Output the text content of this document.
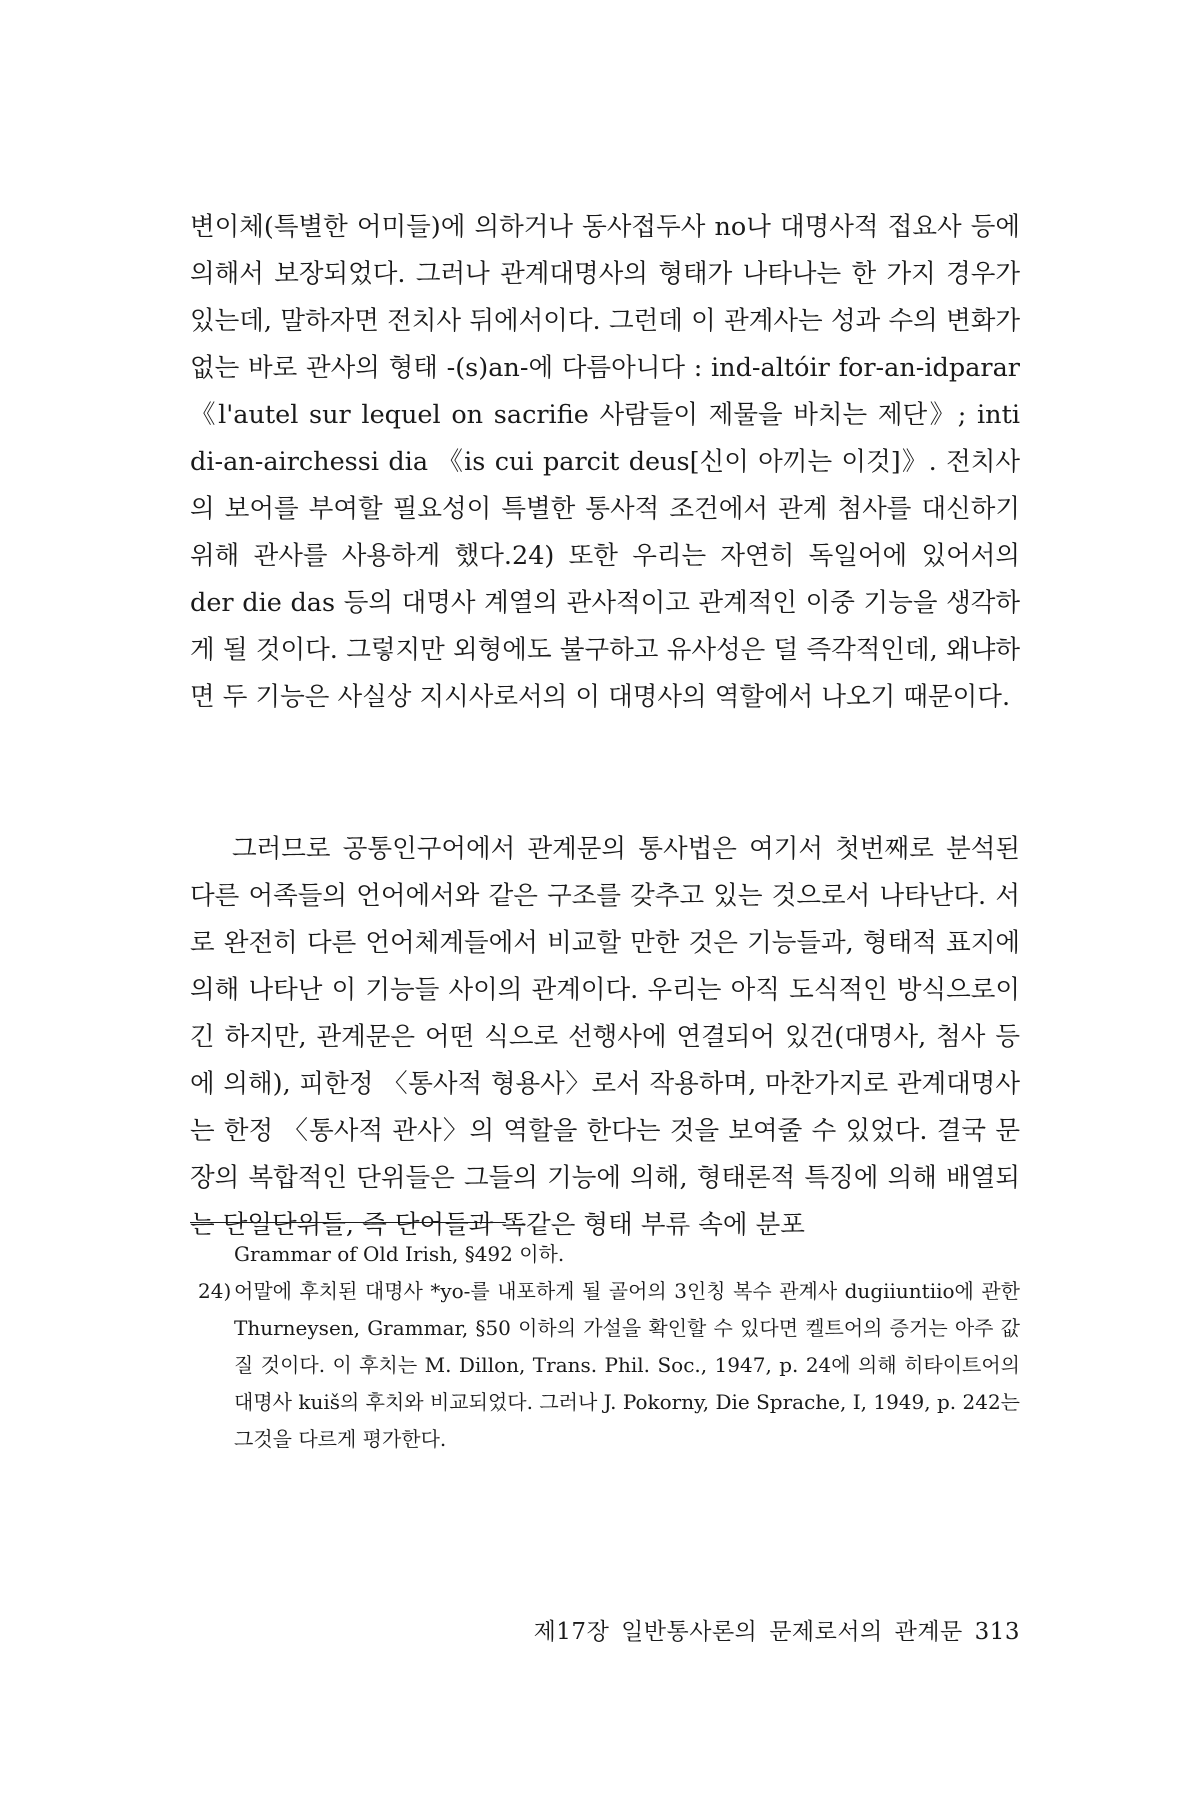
변이체(특별한 어미들)에 의하거나 동사접두사 no나 대명사적 접요사 등에 의해서 보장되었다. 그러나 관계대명사의 형태가 나타나는 한 가지 경우가 있는데, 말하자면 전치사 뒤에서이다. 그런데 이 관계사는 성과 수의 변화가 없는 바로 관사의 형태 -(s)an-에 다름아니다 : ind-altóir for-an-idparar 《l'autel sur lequel on sacrifie 사람들이 제물을 바치는 제단》; inti di-an-airchessi dia 《is cui parcit deus[신이 아끼는 이것]》. 전치사의 보어를 부여할 필요성이 특별한 통사적 조건에서 관계 첨사를 대신하기 위해 관사를 사용하게 했다.24) 또한 우리는 자연히 독일어에 있어서의 der die das 등의 대명사 계열의 관사적이고 관계적인 이중 기능을 생각하게 될 것이다. 그렇지만 외형에도 불구하고 유사성은 덜 즉각적인데, 왜냐하면 두 기능은 사실상 지시사로서의 이 대명사의 역할에서 나오기 때문이다.

그러므로 공통인구어에서 관계문의 통사법은 여기서 첫번째로 분석된 다른 어족들의 언어에서와 같은 구조를 갖추고 있는 것으로서 나타난다. 서로 완전히 다른 언어체계들에서 비교할 만한 것은 기능들과, 형태적 표지에 의해 나타난 이 기능들 사이의 관계이다. 우리는 아직 도식적인 방식으로이긴 하지만, 관계문은 어떤 식으로 선행사에 연결되어 있건(대명사, 첨사 등에 의해), 피한정 〈통사적 형용사〉로서 작용하며, 마찬가지로 관계대명사는 한정 〈통사적 관사〉의 역할을 한다는 것을 보여줄 수 있었다. 결국 문장의 복합적인 단위들은 그들의 기능에 의해, 형태론적 특징에 의해 배열되는 단일단위들, 즉 단어들과 똑같은 형태 부류 속에 분포

Grammar of Old Irish, §492 이하.
24) 어말에 후치된 대명사 *yo-를 내포하게 될 골어의 3인칭 복수 관계사 dugiiuntiio에 관한 Thurneysen, Grammar, §50 이하의 가설을 확인할 수 있다면 켈트어의 증거는 아주 값질 것이다. 이 후치는 M. Dillon, Trans. Phil. Soc., 1947, p. 24에 의해 히타이트어의 대명사 kuiš의 후치와 비교되었다. 그러나 J. Pokorny, Die Sprache, I, 1949, p. 242는 그것을 다르게 평가한다.
제17장 일반통사론의 문제로서의 관계문 313
